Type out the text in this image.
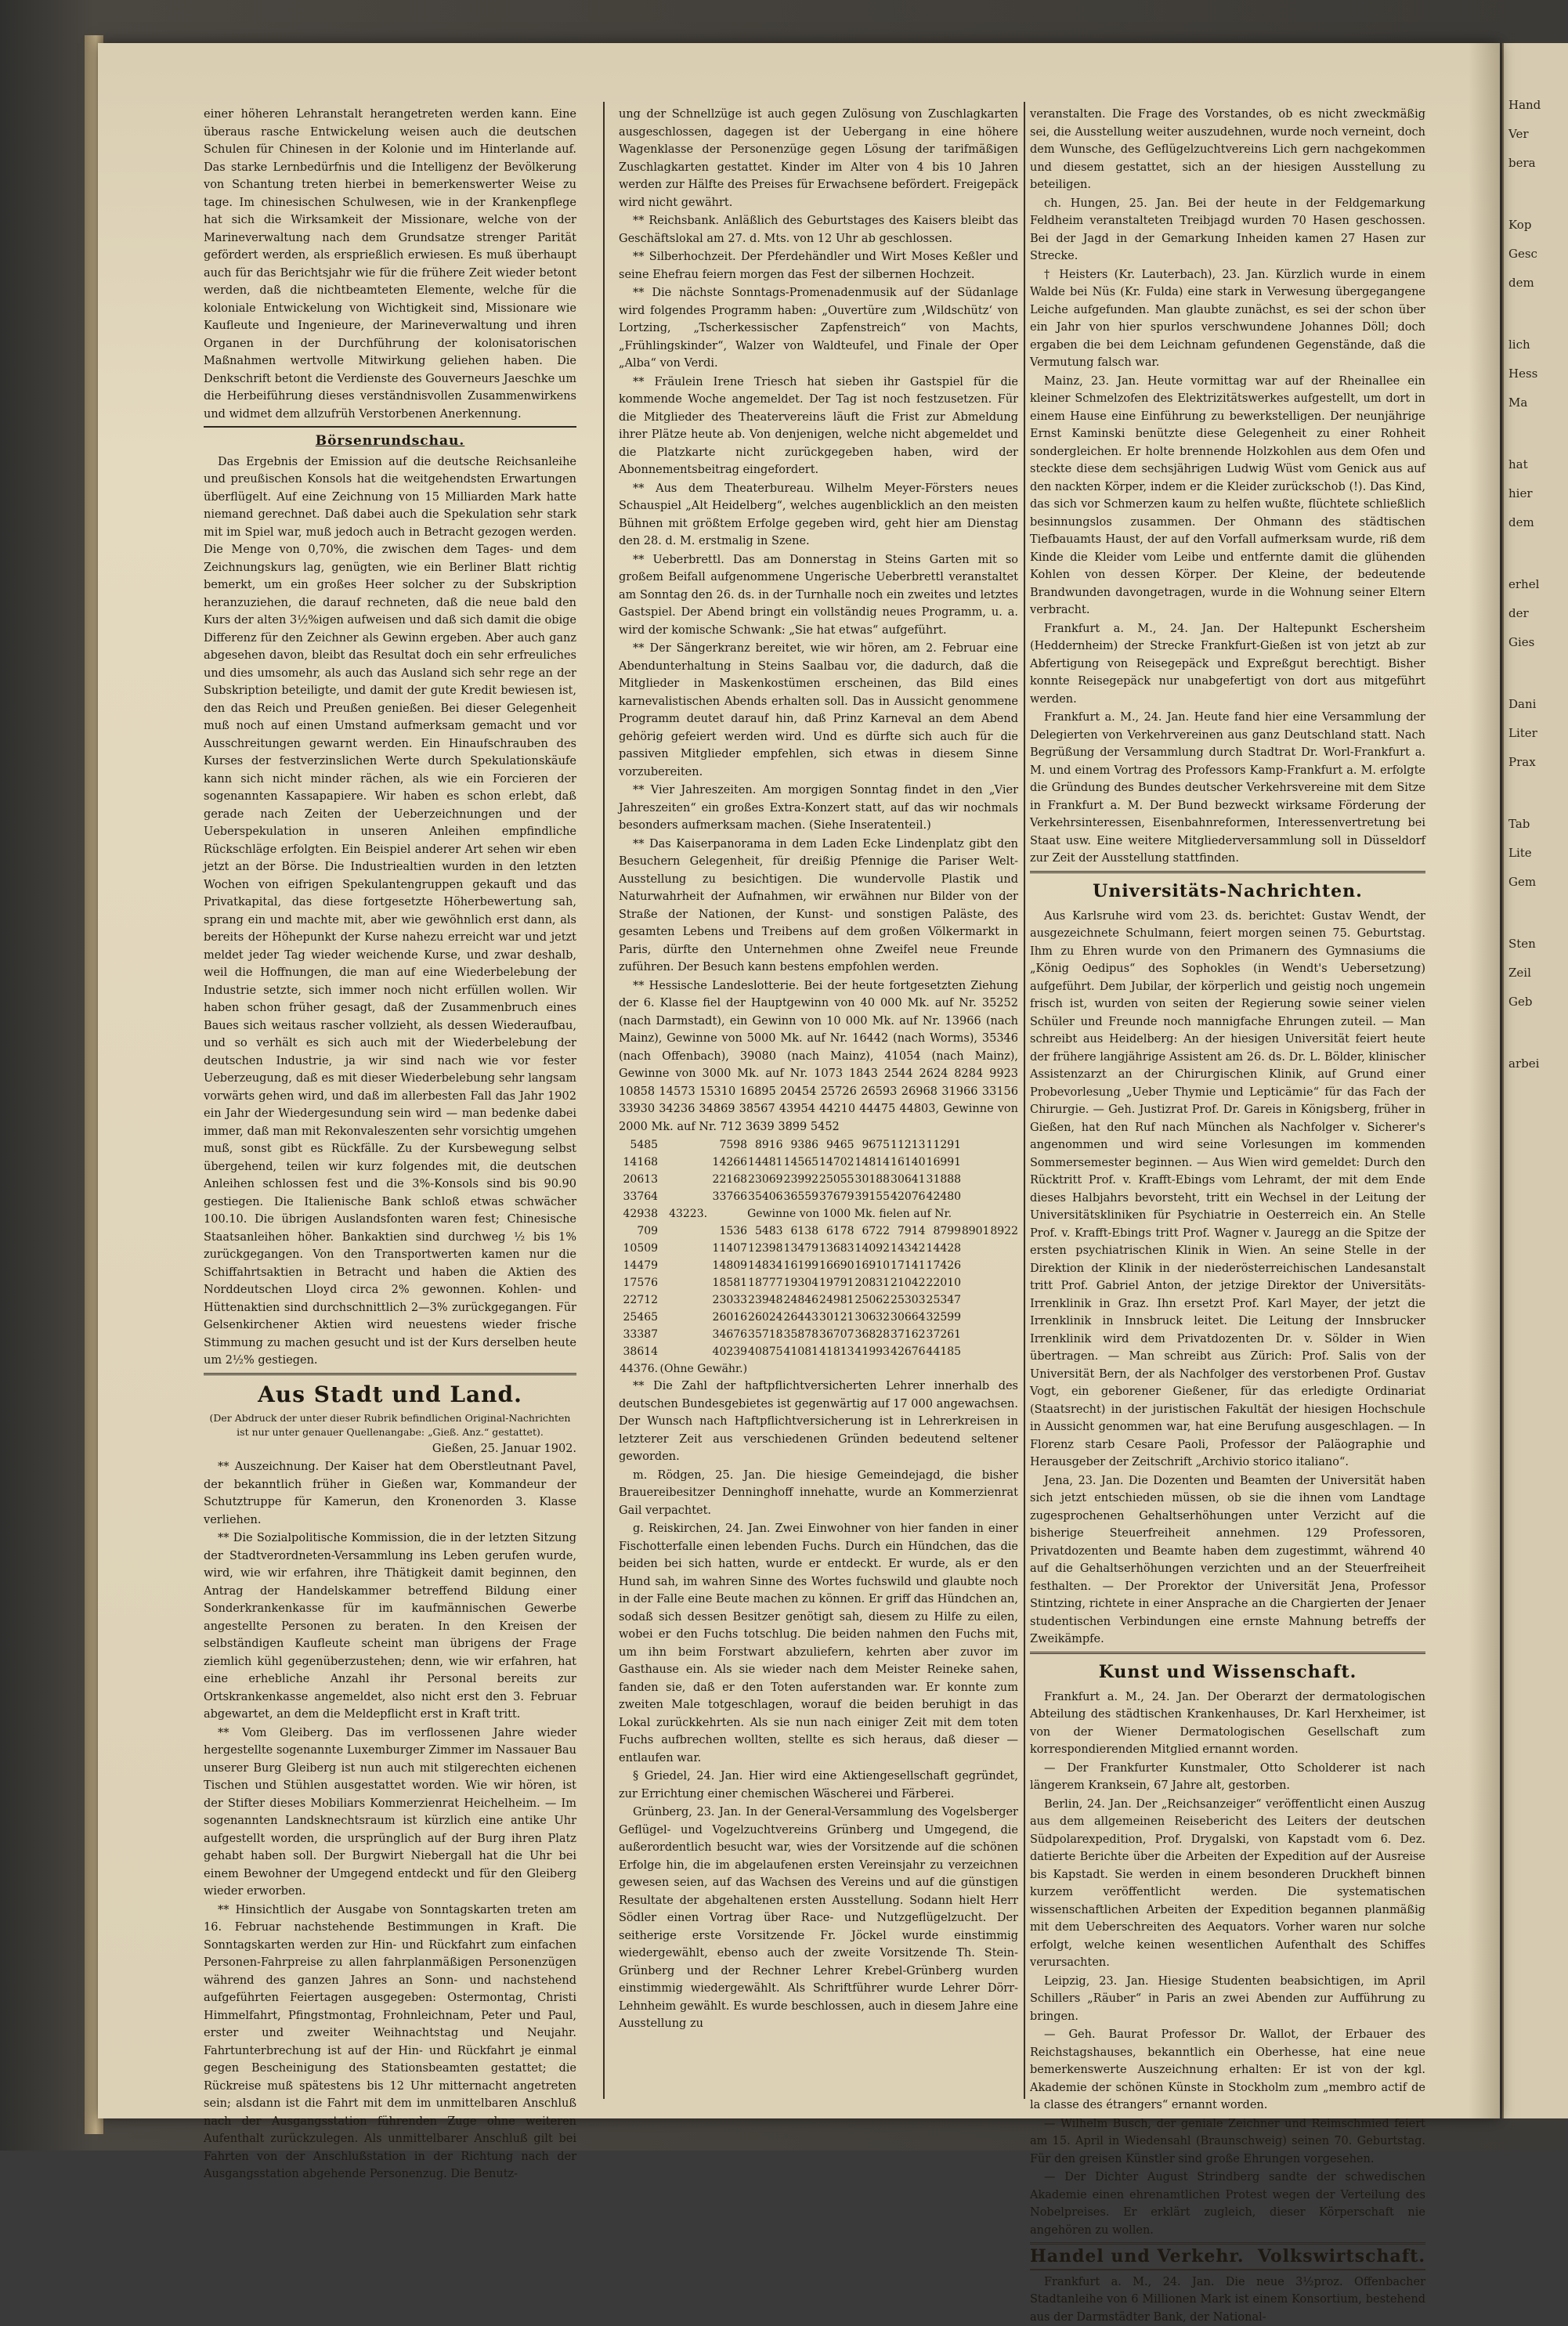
Hand
Ver
bera
Kop
Gesc
dem
lich
Hess
Ma
hat
hier
dem
erhel
der
Gies
Dani
Liter
Prax
Tab
Lite
Gem
Sten
Zeil
Geb
arbei

einer höheren Lehranstalt herangetreten werden kann. Eine überaus rasche Entwickelung weisen auch die deutschen Schulen für Chinesen in der Kolonie und im Hinterlande auf. Das starke Lernbedürfnis und die Intelligenz der Bevölkerung von Schantung treten hierbei in bemerkenswerter Weise zu tage. Im chinesischen Schulwesen, wie in der Krankenpflege hat sich die Wirksamkeit der Missionare, welche von der Marineverwaltung nach dem Grundsatze strenger Parität gefördert werden, als ersprießlich erwiesen. Es muß überhaupt auch für das Berichtsjahr wie für die frühere Zeit wieder betont werden, daß die nichtbeamteten Elemente, welche für die koloniale Entwickelung von Wichtigkeit sind, Missionare wie Kaufleute und Ingenieure, der Marineverwaltung und ihren Organen in der Durchführung der kolonisatorischen Maßnahmen wertvolle Mitwirkung geliehen haben. Die Denkschrift betont die Verdienste des Gouverneurs Jaeschke um die Herbeiführung dieses verständnisvollen Zusammenwirkens und widmet dem allzufrüh Verstorbenen Anerkennung.

Börsenrundschau.

Das Ergebnis der Emission auf die deutsche Reichsanleihe und preußischen Konsols hat die weitgehendsten Erwartungen überflügelt. Auf eine Zeichnung von 15 Milliarden Mark hatte niemand gerechnet. Daß dabei auch die Spekulation sehr stark mit im Spiel war, muß jedoch auch in Betracht gezogen werden. Die Menge von 0,70%, die zwischen dem Tages- und dem Zeichnungskurs lag, genügten, wie ein Berliner Blatt richtig bemerkt, um ein großes Heer solcher zu der Subskription heranzuziehen, die darauf rechneten, daß die neue bald den Kurs der alten 3½%igen aufweisen und daß sich damit die obige Differenz für den Zeichner als Gewinn ergeben. Aber auch ganz abgesehen davon, bleibt das Resultat doch ein sehr erfreuliches und dies umsomehr, als auch das Ausland sich sehr rege an der Subskription beteiligte, und damit der gute Kredit bewiesen ist, den das Reich und Preußen genießen. Bei dieser Gelegenheit muß noch auf einen Umstand aufmerksam gemacht und vor Ausschreitungen gewarnt werden. Ein Hinaufschrauben des Kurses der festverzinslichen Werte durch Spekulationskäufe kann sich nicht minder rächen, als wie ein Forcieren der sogenannten Kassapapiere. Wir haben es schon erlebt, daß gerade nach Zeiten der Ueberzeichnungen und der Ueberspekulation in unseren Anleihen empfindliche Rückschläge erfolgten. Ein Beispiel anderer Art sehen wir eben jetzt an der Börse. Die Industriealtien wurden in den letzten Wochen von eifrigen Spekulantengruppen gekauft und das Privatkapital, das diese fortgesetzte Höherbewertung sah, sprang ein und machte mit, aber wie gewöhnlich erst dann, als bereits der Höhepunkt der Kurse nahezu erreicht war und jetzt meldet jeder Tag wieder weichende Kurse, und zwar deshalb, weil die Hoffnungen, die man auf eine Wiederbelebung der Industrie setzte, sich immer noch nicht erfüllen wollen. Wir haben schon früher gesagt, daß der Zusammenbruch eines Baues sich weitaus rascher vollzieht, als dessen Wiederaufbau, und so verhält es sich auch mit der Wiederbelebung der deutschen Industrie, ja wir sind nach wie vor fester Ueberzeugung, daß es mit dieser Wiederbelebung sehr langsam vorwärts gehen wird, und daß im allerbesten Fall das Jahr 1902 ein Jahr der Wiedergesundung sein wird — man bedenke dabei immer, daß man mit Rekonvaleszenten sehr vorsichtig umgehen muß, sonst gibt es Rückfälle. Zu der Kursbewegung selbst übergehend, teilen wir kurz folgendes mit, die deutschen Anleihen schlossen fest und die 3%-Konsols sind bis 90.90 gestiegen. Die Italienische Bank schloß etwas schwächer 100.10. Die übrigen Auslandsfonten waren fest; Chinesische Staatsanleihen höher. Bankaktien sind durchweg ½ bis 1% zurückgegangen. Von den Transportwerten kamen nur die Schiffahrtsaktien in Betracht und haben die Aktien des Norddeutschen Lloyd circa 2% gewonnen. Kohlen- und Hüttenaktien sind durchschnittlich 2—3% zurückgegangen. Für Gelsenkirchener Aktien wird neuestens wieder frische Stimmung zu machen gesucht und ist der Kurs derselben heute um 2½% gestiegen.

Aus Stadt und Land.

(Der Abdruck der unter dieser Rubrik befindlichen Original-Nachrichten ist nur unter genauer Quellenangabe: „Gieß. Anz.“ gestattet).

Gießen, 25. Januar 1902.

** Auszeichnung. Der Kaiser hat dem Oberstleutnant Pavel, der bekanntlich früher in Gießen war, Kommandeur der Schutztruppe für Kamerun, den Kronenorden 3. Klasse verliehen.

** Die Sozialpolitische Kommission, die in der letzten Sitzung der Stadtverordneten-Versammlung ins Leben gerufen wurde, wird, wie wir erfahren, ihre Thätigkeit damit beginnen, den Antrag der Handelskammer betreffend Bildung einer Sonderkrankenkasse für im kaufmännischen Gewerbe angestellte Personen zu beraten. In den Kreisen der selbständigen Kaufleute scheint man übrigens der Frage ziemlich kühl gegenüberzustehen; denn, wie wir erfahren, hat eine erhebliche Anzahl ihr Personal bereits zur Ortskrankenkasse angemeldet, also nicht erst den 3. Februar abgewartet, an dem die Meldepflicht erst in Kraft tritt.

** Vom Gleiberg. Das im verflossenen Jahre wieder hergestellte sogenannte Luxemburger Zimmer im Nassauer Bau unserer Burg Gleiberg ist nun auch mit stilgerechten eichenen Tischen und Stühlen ausgestattet worden. Wie wir hören, ist der Stifter dieses Mobiliars Kommerzienrat Heichelheim. — Im sogenannten Landsknechtsraum ist kürzlich eine antike Uhr aufgestellt worden, die ursprünglich auf der Burg ihren Platz gehabt haben soll. Der Burgwirt Niebergall hat die Uhr bei einem Bewohner der Umgegend entdeckt und für den Gleiberg wieder erworben.

** Hinsichtlich der Ausgabe von Sonntagskarten treten am 16. Februar nachstehende Bestimmungen in Kraft. Die Sonntagskarten werden zur Hin- und Rückfahrt zum einfachen Personen-Fahrpreise zu allen fahrplanmäßigen Personenzügen während des ganzen Jahres an Sonn- und nachstehend aufgeführten Feiertagen ausgegeben: Ostermontag, Christi Himmelfahrt, Pfingstmontag, Frohnleichnam, Peter und Paul, erster und zweiter Weihnachtstag und Neujahr. Fahrtunterbrechung ist auf der Hin- und Rückfahrt je einmal gegen Bescheinigung des Stationsbeamten gestattet; die Rückreise muß spätestens bis 12 Uhr mitternacht angetreten sein; alsdann ist die Fahrt mit dem im unmittelbaren Anschluß nach der Ausgangsstation führenden Zuge ohne weiteren Aufenthalt zurückzulegen. Als unmittelbarer Anschluß gilt bei Fahrten von der Anschlußstation in der Richtung nach der Ausgangsstation abgehende Personenzug. Die Benutz-

ung der Schnellzüge ist auch gegen Zulösung von Zuschlagkarten ausgeschlossen, dagegen ist der Uebergang in eine höhere Wagenklasse der Personenzüge gegen Lösung der tarifmäßigen Zuschlagkarten gestattet. Kinder im Alter von 4 bis 10 Jahren werden zur Hälfte des Preises für Erwachsene befördert. Freigepäck wird nicht gewährt.

** Reichsbank. Anläßlich des Geburtstages des Kaisers bleibt das Geschäftslokal am 27. d. Mts. von 12 Uhr ab geschlossen.

** Silberhochzeit. Der Pferdehändler und Wirt Moses Keßler und seine Ehefrau feiern morgen das Fest der silbernen Hochzeit.

** Die nächste Sonntags-Promenadenmusik auf der Südanlage wird folgendes Programm haben: „Ouvertüre zum ‚Wildschütz‘ von Lortzing, „Tscherkessischer Zapfenstreich“ von Machts, „Frühlingskinder“, Walzer von Waldteufel, und Finale der Oper „Alba“ von Verdi.

** Fräulein Irene Triesch hat sieben ihr Gastspiel für die kommende Woche angemeldet. Der Tag ist noch festzusetzen. Für die Mitglieder des Theatervereins läuft die Frist zur Abmeldung ihrer Plätze heute ab. Von denjenigen, welche nicht abgemeldet und die Platzkarte nicht zurückgegeben haben, wird der Abonnementsbeitrag eingefordert.

** Aus dem Theaterbureau. Wilhelm Meyer-Försters neues Schauspiel „Alt Heidelberg“, welches augenblicklich an den meisten Bühnen mit größtem Erfolge gegeben wird, geht hier am Dienstag den 28. d. M. erstmalig in Szene.

** Ueberbrettl. Das am Donnerstag in Steins Garten mit so großem Beifall aufgenommene Ungerische Ueberbrettl veranstaltet am Sonntag den 26. ds. in der Turnhalle noch ein zweites und letztes Gastspiel. Der Abend bringt ein vollständig neues Programm, u. a. wird der komische Schwank: „Sie hat etwas“ aufgeführt.

** Der Sängerkranz bereitet, wie wir hören, am 2. Februar eine Abendunterhaltung in Steins Saalbau vor, die dadurch, daß die Mitglieder in Maskenkostümen erscheinen, das Bild eines karnevalistischen Abends erhalten soll. Das in Aussicht genommene Programm deutet darauf hin, daß Prinz Karneval an dem Abend gehörig gefeiert werden wird. Und es dürfte sich auch für die passiven Mitglieder empfehlen, sich etwas in diesem Sinne vorzubereiten.

** Vier Jahreszeiten. Am morgigen Sonntag findet in den „Vier Jahreszeiten“ ein großes Extra-Konzert statt, auf das wir nochmals besonders aufmerksam machen. (Siehe Inseratenteil.)

** Das Kaiserpanorama in dem Laden Ecke Lindenplatz gibt den Besuchern Gelegenheit, für dreißig Pfennige die Pariser Welt-Ausstellung zu besichtigen. Die wundervolle Plastik und Naturwahrheit der Aufnahmen, wir erwähnen nur Bilder von der Straße der Nationen, der Kunst- und sonstigen Paläste, des gesamten Lebens und Treibens auf dem großen Völkermarkt in Paris, dürfte den Unternehmen ohne Zweifel neue Freunde zuführen. Der Besuch kann bestens empfohlen werden.

** Hessische Landeslotterie. Bei der heute fortgesetzten Ziehung der 6. Klasse fiel der Hauptgewinn von 40 000 Mk. auf Nr. 35252 (nach Darmstadt), ein Gewinn von 10 000 Mk. auf Nr. 13966 (nach Mainz), Gewinne von 5000 Mk. auf Nr. 16442 (nach Worms), 35346 (nach Offenbach), 39080 (nach Mainz), 41054 (nach Mainz), Gewinne von 3000 Mk. auf Nr. 1073 1843 2544 2624 8284 9923 10858 14573 15310 16895 20454 25726 26593 26968 31966 33156 33930 34236 34869 38567 43954 44210 44475 44803, Gewinne von 2000 Mk. auf Nr. 712 3639 3899 5452

5485	7598	8916	9386	9465	9675	11213	11291		
14168	14266	14481	14565	14702	14814	16140	16991		
20613	22168	23069	23992	25055	30188	30641	31888		
33764	33766	35406	36559	37679	39155	42076	42480		
42938	43223.	Gewinne von 1000 Mk. fielen auf Nr.							
709	1536	5483	6138	6178	6722	7914	8799	8901	8922
10509	11407	12398	13479	13683	14092	14342	14428		
14479	14809	14834	16199	16690	16910	17141	17426		
17576	18581	18777	19304	19791	20831	21042	22010		
22712	23033	23948	24846	24981	25062	25303	25347		
25465	26016	26024	26443	30121	30632	30664	32599		
33387	34676	35718	35878	36707	36828	37162	37261		
38614	40239	40875	41081	41813	41993	42676	44185		
44376.	(Ohne Gewähr.)								

** Die Zahl der haftpflichtversicherten Lehrer innerhalb des deutschen Bundesgebietes ist gegenwärtig auf 17 000 angewachsen. Der Wunsch nach Haftpflichtversicherung ist in Lehrerkreisen in letzterer Zeit aus verschiedenen Gründen bedeutend seltener geworden.

m. Rödgen, 25. Jan. Die hiesige Gemeindejagd, die bisher Brauereibesitzer Denninghoff innehatte, wurde an Kommerzienrat Gail verpachtet.

g. Reiskirchen, 24. Jan. Zwei Einwohner von hier fanden in einer Fischotterfalle einen lebenden Fuchs. Durch ein Hündchen, das die beiden bei sich hatten, wurde er entdeckt. Er wurde, als er den Hund sah, im wahren Sinne des Wortes fuchswild und glaubte noch in der Falle eine Beute machen zu können. Er griff das Hündchen an, sodaß sich dessen Besitzer genötigt sah, diesem zu Hilfe zu eilen, wobei er den Fuchs totschlug. Die beiden nahmen den Fuchs mit, um ihn beim Forstwart abzuliefern, kehrten aber zuvor im Gasthause ein. Als sie wieder nach dem Meister Reineke sahen, fanden sie, daß er den Toten auferstanden war. Er konnte zum zweiten Male totgeschlagen, worauf die beiden beruhigt in das Lokal zurückkehrten. Als sie nun nach einiger Zeit mit dem toten Fuchs aufbrechen wollten, stellte es sich heraus, daß dieser — entlaufen war.

§ Griedel, 24. Jan. Hier wird eine Aktiengesellschaft gegründet, zur Errichtung einer chemischen Wäscherei und Färberei.

Grünberg, 23. Jan. In der General-Versammlung des Vogelsberger Geflügel- und Vogelzuchtvereins Grünberg und Umgegend, die außerordentlich besucht war, wies der Vorsitzende auf die schönen Erfolge hin, die im abgelaufenen ersten Vereinsjahr zu verzeichnen gewesen seien, auf das Wachsen des Vereins und auf die günstigen Resultate der abgehaltenen ersten Ausstellung. Sodann hielt Herr Södler einen Vortrag über Race- und Nutzgeflügelzucht. Der seitherige erste Vorsitzende Fr. Jöckel wurde einstimmig wiedergewählt, ebenso auch der zweite Vorsitzende Th. Stein-Grünberg und der Rechner Lehrer Krebel-Grünberg wurden einstimmig wiedergewählt. Als Schriftführer wurde Lehrer Dörr-Lehnheim gewählt. Es wurde beschlossen, auch in diesem Jahre eine Ausstellung zu

veranstalten. Die Frage des Vorstandes, ob es nicht zweckmäßig sei, die Ausstellung weiter auszudehnen, wurde noch verneint, doch dem Wunsche, des Geflügelzuchtvereins Lich gern nachgekommen und diesem gestattet, sich an der hiesigen Ausstellung zu beteiligen.

ch. Hungen, 25. Jan. Bei der heute in der Feldgemarkung Feldheim veranstalteten Treibjagd wurden 70 Hasen geschossen. Bei der Jagd in der Gemarkung Inheiden kamen 27 Hasen zur Strecke.

† Heisters (Kr. Lauterbach), 23. Jan. Kürzlich wurde in einem Walde bei Nüs (Kr. Fulda) eine stark in Verwesung übergegangene Leiche aufgefunden. Man glaubte zunächst, es sei der schon über ein Jahr von hier spurlos verschwundene Johannes Döll; doch ergaben die bei dem Leichnam gefundenen Gegenstände, daß die Vermutung falsch war.

Mainz, 23. Jan. Heute vormittag war auf der Rheinallee ein kleiner Schmelzofen des Elektrizitätswerkes aufgestellt, um dort in einem Hause eine Einführung zu bewerkstelligen. Der neunjährige Ernst Kaminski benützte diese Gelegenheit zu einer Rohheit sondergleichen. Er holte brennende Holzkohlen aus dem Ofen und steckte diese dem sechsjährigen Ludwig Wüst vom Genick aus auf den nackten Körper, indem er die Kleider zurückschob (!). Das Kind, das sich vor Schmerzen kaum zu helfen wußte, flüchtete schließlich besinnungslos zusammen. Der Ohmann des städtischen Tiefbauamts Haust, der auf den Vorfall aufmerksam wurde, riß dem Kinde die Kleider vom Leibe und entfernte damit die glühenden Kohlen von dessen Körper. Der Kleine, der bedeutende Brandwunden davongetragen, wurde in die Wohnung seiner Eltern verbracht.

Frankfurt a. M., 24. Jan. Der Haltepunkt Eschersheim (Heddernheim) der Strecke Frankfurt-Gießen ist von jetzt ab zur Abfertigung von Reisegepäck und Expreßgut berechtigt. Bisher konnte Reisegepäck nur unabgefertigt von dort aus mitgeführt werden.

Frankfurt a. M., 24. Jan. Heute fand hier eine Versammlung der Delegierten von Verkehrvereinen aus ganz Deutschland statt. Nach Begrüßung der Versammlung durch Stadtrat Dr. Worl-Frankfurt a. M. und einem Vortrag des Professors Kamp-Frankfurt a. M. erfolgte die Gründung des Bundes deutscher Verkehrsvereine mit dem Sitze in Frankfurt a. M. Der Bund bezweckt wirksame Förderung der Verkehrsinteressen, Eisenbahnreformen, Interessenvertretung bei Staat usw. Eine weitere Mitgliederversammlung soll in Düsseldorf zur Zeit der Ausstellung stattfinden.

Universitäts-Nachrichten.

Aus Karlsruhe wird vom 23. ds. berichtet: Gustav Wendt, der ausgezeichnete Schulmann, feiert morgen seinen 75. Geburtstag. Ihm zu Ehren wurde von den Primanern des Gymnasiums die „König Oedipus“ des Sophokles (in Wendt's Uebersetzung) aufgeführt. Dem Jubilar, der körperlich und geistig noch ungemein frisch ist, wurden von seiten der Regierung sowie seiner vielen Schüler und Freunde noch mannigfache Ehrungen zuteil. — Man schreibt aus Heidelberg: An der hiesigen Universität feiert heute der frühere langjährige Assistent am 26. ds. Dr. L. Bölder, klinischer Assistenzarzt an der Chirurgischen Klinik, auf Grund einer Probevorlesung „Ueber Thymie und Lepticämie“ für das Fach der Chirurgie. — Geh. Justizrat Prof. Dr. Gareis in Königsberg, früher in Gießen, hat den Ruf nach München als Nachfolger v. Sicherer's angenommen und wird seine Vorlesungen im kommenden Sommersemester beginnen. — Aus Wien wird gemeldet: Durch den Rücktritt Prof. v. Krafft-Ebings vom Lehramt, der mit dem Ende dieses Halbjahrs bevorsteht, tritt ein Wechsel in der Leitung der Universitätskliniken für Psychiatrie in Oesterreich ein. An Stelle Prof. v. Krafft-Ebings tritt Prof. Wagner v. Jauregg an die Spitze der ersten psychiatrischen Klinik in Wien. An seine Stelle in der Direktion der Klinik in der niederösterreichischen Landesanstalt tritt Prof. Gabriel Anton, der jetzige Direktor der Universitäts-Irrenklinik in Graz. Ihn ersetzt Prof. Karl Mayer, der jetzt die Irrenklinik in Innsbruck leitet. Die Leitung der Innsbrucker Irrenklinik wird dem Privatdozenten Dr. v. Sölder in Wien übertragen. — Man schreibt aus Zürich: Prof. Salis von der Universität Bern, der als Nachfolger des verstorbenen Prof. Gustav Vogt, ein geborener Gießener, für das erledigte Ordinariat (Staatsrecht) in der juristischen Fakultät der hiesigen Hochschule in Aussicht genommen war, hat eine Berufung ausgeschlagen. — In Florenz starb Cesare Paoli, Professor der Paläographie und Herausgeber der Zeitschrift „Archivio storico italiano“.

Jena, 23. Jan. Die Dozenten und Beamten der Universität haben sich jetzt entschieden müssen, ob sie die ihnen vom Landtage zugesprochenen Gehaltserhöhungen unter Verzicht auf die bisherige Steuerfreiheit annehmen. 129 Professoren, Privatdozenten und Beamte haben dem zugestimmt, während 40 auf die Gehaltserhöhungen verzichten und an der Steuerfreiheit festhalten. — Der Prorektor der Universität Jena, Professor Stintzing, richtete in einer Ansprache an die Chargierten der Jenaer studentischen Verbindungen eine ernste Mahnung betreffs der Zweikämpfe.

Kunst und Wissenschaft.

Frankfurt a. M., 24. Jan. Der Oberarzt der dermatologischen Abteilung des städtischen Krankenhauses, Dr. Karl Herxheimer, ist von der Wiener Dermatologischen Gesellschaft zum korrespondierenden Mitglied ernannt worden.

— Der Frankfurter Kunstmaler, Otto Scholderer ist nach längerem Kranksein, 67 Jahre alt, gestorben.

Berlin, 24. Jan. Der „Reichsanzeiger“ veröffentlicht einen Auszug aus dem allgemeinen Reisebericht des Leiters der deutschen Südpolarexpedition, Prof. Drygalski, von Kapstadt vom 6. Dez. datierte Berichte über die Arbeiten der Expedition auf der Ausreise bis Kapstadt. Sie werden in einem besonderen Druckheft binnen kurzem veröffentlicht werden. Die systematischen wissenschaftlichen Arbeiten der Expedition begannen planmäßig mit dem Ueberschreiten des Aequators. Vorher waren nur solche erfolgt, welche keinen wesentlichen Aufenthalt des Schiffes verursachten.

Leipzig, 23. Jan. Hiesige Studenten beabsichtigen, im April Schillers „Räuber“ in Paris an zwei Abenden zur Aufführung zu bringen.

— Geh. Baurat Professor Dr. Wallot, der Erbauer des Reichstagshauses, bekanntlich ein Oberhesse, hat eine neue bemerkenswerte Auszeichnung erhalten: Er ist von der kgl. Akademie der schönen Künste in Stockholm zum „membro actif de la classe des étrangers“ ernannt worden.

— Wilhelm Busch, der geniale Zeichner und Reimschmied feiert am 15. April in Wiedensahl (Braunschweig) seinen 70. Geburtstag. Für den greisen Künstler sind große Ehrungen vorgesehen.

— Der Dichter August Strindberg sandte der schwedischen Akademie einen ehrenamtlichen Protest wegen der Verteilung des Nobelpreises. Er erklärt zugleich, dieser Körperschaft nie angehören zu wollen.

Handel und Verkehr. Volkswirtschaft.

Frankfurt a. M., 24. Jan. Die neue 3½proz. Offenbacher Stadtanleihe von 6 Millionen Mark ist einem Konsortium, bestehend aus der Darmstädter Bank, der National-
